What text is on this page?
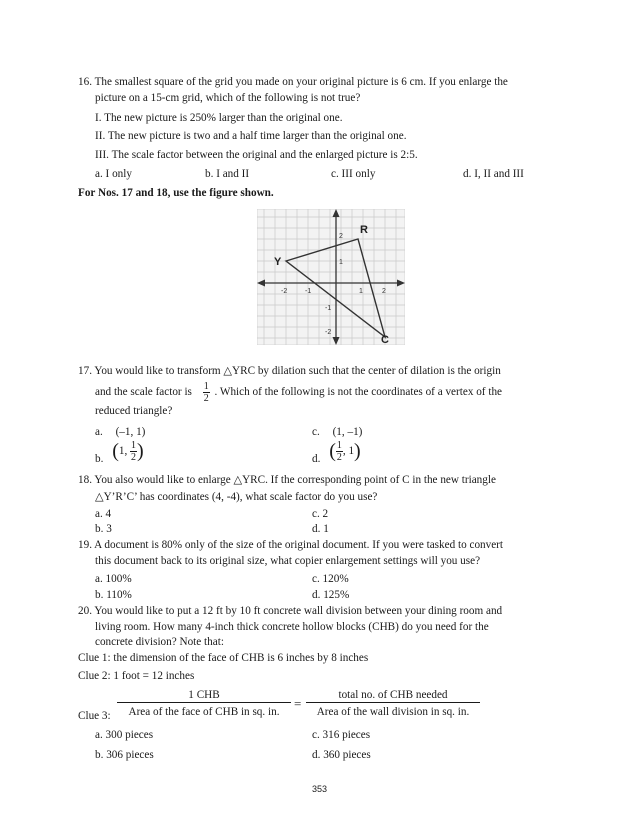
16. The smallest square of the grid you made on your original picture is 6 cm. If you enlarge the
picture on a 15-cm grid, which of the following is not true?
I. The new picture is 250% larger than the original one.
II. The new picture is two and a half time larger than the original one.
III. The scale factor between the original and the enlarged picture is 2:5.
a. I only	b. I and II	c. III only	d. I, II and III
For Nos. 17 and 18, use the figure shown.
-2	-1	1	2
2
1
-1
-2
R
Y
C
17. You would like to transform △YRC by dilation such that the center of dilation is the origin
and the scale factor is $\frac{1}{2}$ . Which of the following is not the coordinates of a vertex of the
reduced triangle?
a. (–1, 1)	c. (1, –1)
b. (1, $\frac{1}{2}$ )	d. ( $\frac{1}{2}$ , 1)
18. You also would like to enlarge △YRC. If the corresponding point of C in the new triangle
△Y’R’C’ has coordinates (4, -4), what scale factor do you use?
a. 4	c. 2
b. 3	d. 1
19. A document is 80% only of the size of the original document. If you were tasked to convert
this document back to its original size, what copier enlargement settings will you use?
a. 100%	c. 120%
b. 110%	d. 125%
20. You would like to put a 12 ft by 10 ft concrete wall division between your dining room and
living room. How many 4-inch thick concrete hollow blocks (CHB) do you need for the
concrete division? Note that:
Clue 1: the dimension of the face of CHB is 6 inches by 8 inches
Clue 2: 1 foot = 12 inches
Clue 3:
1 CHB
Area of the face of CHB in sq. in.
=
total no. of CHB needed
Area of the wall division in sq. in.
a. 300 pieces	c. 316 pieces
b. 306 pieces	d. 360 pieces
353
